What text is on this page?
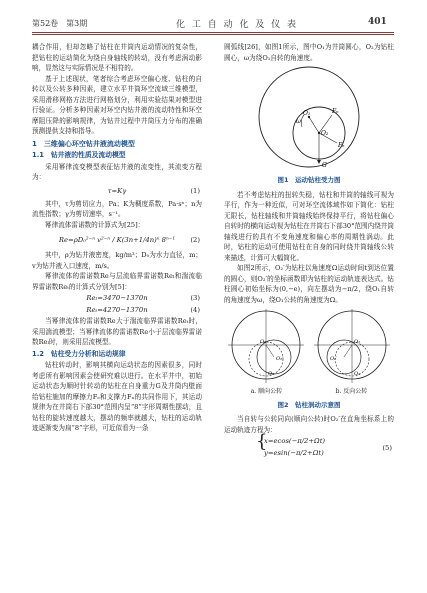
第52卷　第3期	化 工 自 动 化 及 仪 表	401

耦合作用，但却忽略了钻柱在井筒内运动情况的复杂性，把钻柱的运动简化为绕自身轴线的转动，没有考虑涡动影响，显然这与实际情况是不相符的。

基于上述现状，笔者综合考虑环空偏心度、钻柱的自转以及公转多种因素，建立水平井筒环空流域三维模型，采用滑移网格方法进行网格划分，利用实验结果对模型进行验证。分析多种因素对环空内钻井液的流动特性和环空摩阻压降的影响规律，为钻井过程中井筒压力分布的准确预测提供支持和指导。

1　三维偏心环空钻井液流动模型

1.1　钻井液的性质及流动模型

采用幂律流变模型表征钻井液的流变性，其流变方程为：

τ=Kγ	(1)

其中，τ为剪切应力，Pa；K为稠度系数，Pa·sⁿ；n为流性指数；γ为剪切速率，s⁻¹。

幂律流体雷诺数的计算式为[25]：

Re=ρD₀²⁻ⁿ v²⁻ⁿ / K(3n+1/4n)ⁿ 8ⁿ⁻¹ (2)

其中，ρ为钻井液密度，kg/m³；D₀为水力直径，m；v为钻井液入口速度，m/s。

幂律流体的雷诺数Re与层流临界雷诺数Reₗ和湍流临界雷诺数Reₜ的计算式分别为[5]：

Reₗ=3470−1370n	(3)
Reₜ=4270−1370n	(4)

当幂律流体的雷诺数Re大于湍流临界雷诺数Reₜ时，采用湍流模型；当幂律流体的雷诺数Re小于层流临界雷诺数Reₗ时，则采用层流模型。

1.2　钻柱受力分析和运动规律

钻柱转动时，影响其横向运动状态的因素很多，同时考虑所有影响因素会使研究难以进行。在水平井中，初始运动状态为顺时针转动的钻柱在自身重力G及井筒内壁面给钻柱施加的摩擦力Fₑ和支撑力Fₙ的共同作用下，其运动规律为在井筒右下部30°范围内呈“8”字形周期性摆动，且钻柱的旋转速度越大，摆动的频率就越大，钻柱的运动轨迹逐渐变为扁“8”字形，可近似看为一条

圆弧线[26]，如图1所示，图中O₁为井筒圆心，O₂为钻柱圆心，ω为绕O₁自转的角速度。

O₁
O₂
G
Fₙ
Fₑ
ω

图1　运动钻柱受力图

若不考虑钻柱的扭转失稳，钻柱和井筒的轴线可视为平行，作为一种近似，可对环空流体域作如下简化：钻柱无限长，钻柱轴线和井筒轴线始终保持平行，将钻柱偏心自转时的横向运动视为钻柱在井筒右下部30°范围内绕井筒轴线进行的具有不变角速度和偏心率的周期性涡动。此时，钻柱的运动可使用钻柱在自身的同时绕井筒轴线公转来描述，计算可大幅简化。

如图2所示，O₂′为钻柱以角速度Ω运动时间t到达位置的圆心，则O₂′的坐标函数即为钻柱的运动轨迹表达式。钻柱圆心初始坐标为(0,−e)，向左摆动为−π/2，绕O₁自转的角速度为ω，绕O₁公转的角速度为Ω。

O₁
O₂′
O₂
O₁
O₂′
O₂
a. 顺向公转	b. 反向公转

图2　钻柱涡动示意图

当自转与公转同向(顺向公转)时O₂′在直角坐标系上的运动轨迹方程为：

{
x=ecos(−π/2+Ωt)
y=esin(−π/2+Ωt)
(5)
